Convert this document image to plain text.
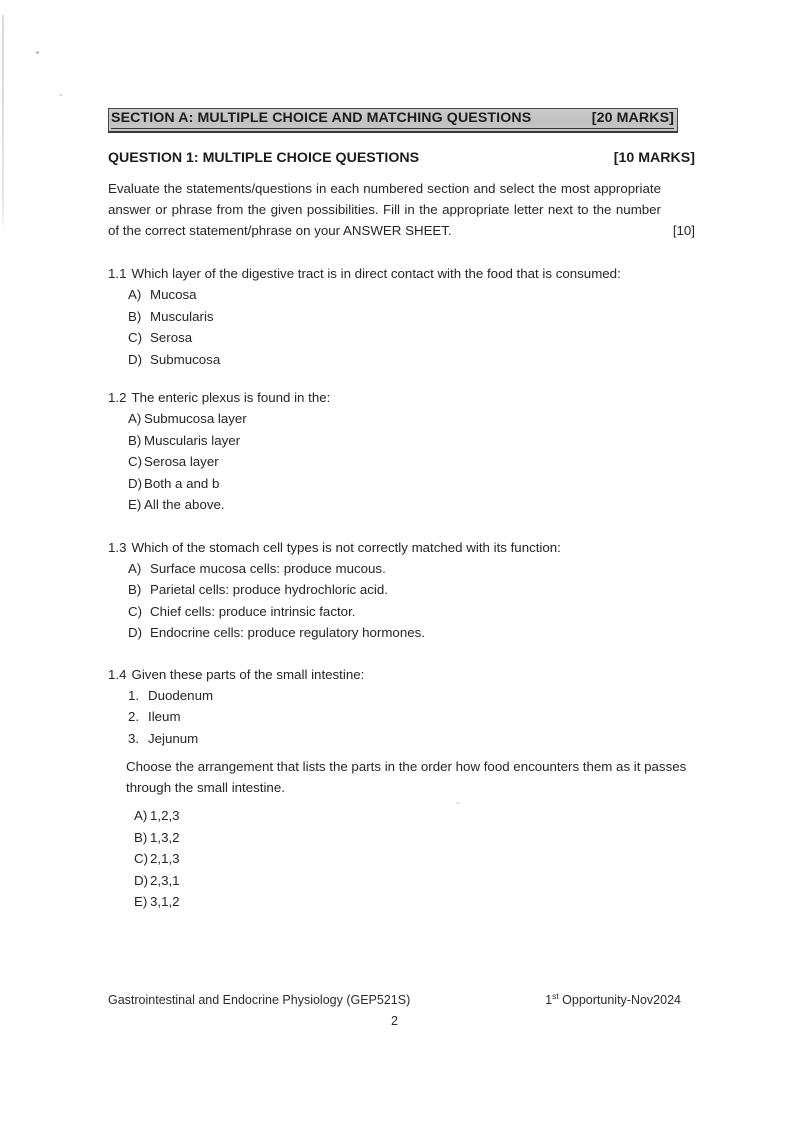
SECTION A: MULTIPLE CHOICE AND MATCHING QUESTIONS	[20 MARKS]
QUESTION 1: MULTIPLE CHOICE QUESTIONS	[10 MARKS]

Evaluate the statements/questions in each numbered section and select the most appropriate answer or phrase from the given possibilities. Fill in the appropriate letter next to the number of the correct statement/phrase on your ANSWER SHEET.	[10]

1.1 Which layer of the digestive tract is in direct contact with the food that is consumed:
A) Mucosa
B) Muscularis
C) Serosa
D) Submucosa
1.2 The enteric plexus is found in the:
A) Submucosa layer
B) Muscularis layer
C) Serosa layer
D) Both a and b
E) All the above.
1.3 Which of the stomach cell types is not correctly matched with its function:
A) Surface mucosa cells: produce mucous.
B) Parietal cells: produce hydrochloric acid.
C) Chief cells: produce intrinsic factor.
D) Endocrine cells: produce regulatory hormones.
1.4 Given these parts of the small intestine:
1. Duodenum
2. Ileum
3. Jejunum

Choose the arrangement that lists the parts in the order how food encounters them as it passes through the small intestine.

A) 1,2,3
B) 1,3,2
C) 2,1,3
D) 2,3,1
E) 3,1,2
Gastrointestinal and Endocrine Physiology (GEP521S)	1st Opportunity-Nov2024
2
